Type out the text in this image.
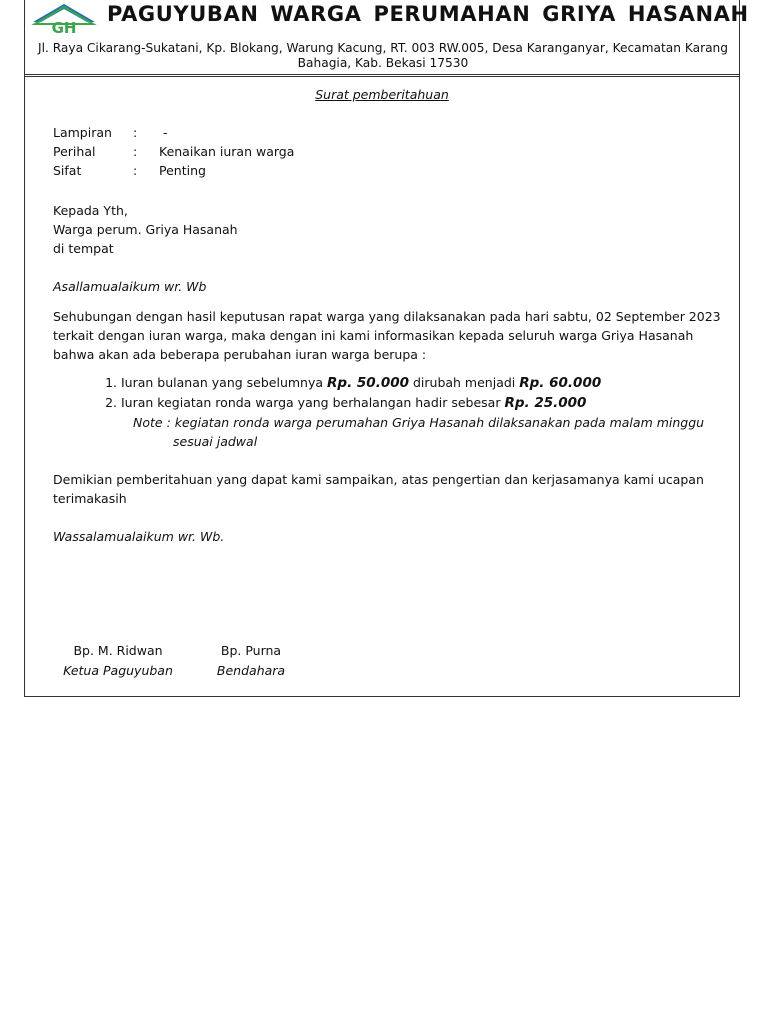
GH
PAGUYUBAN WARGA PERUMAHAN GRIYA HASANAH
Jl. Raya Cikarang-Sukatani, Kp. Blokang, Warung Kacung, RT. 003 RW.005, Desa Karanganyar, Kecamatan Karang
Bahagia, Kab. Bekasi 17530
Surat pemberitahuan
Lampiran	:	-
Perihal	:	Kenaikan iuran warga
Sifat	:	Penting
Kepada Yth,
Warga perum. Griya Hasanah
di tempat
Asallamualaikum wr. Wb
Sehubungan dengan hasil keputusan rapat warga yang dilaksanakan pada hari sabtu, 02 September 2023 terkait dengan iuran warga, maka dengan ini kami informasikan kepada seluruh warga Griya Hasanah bahwa akan ada beberapa perubahan iuran warga berupa :
1. Iuran bulanan yang sebelumnya Rp. 50.000 dirubah menjadi Rp. 60.000
2. Iuran kegiatan ronda warga yang berhalangan hadir sebesar Rp. 25.000
Note : kegiatan ronda warga perumahan Griya Hasanah dilaksanakan pada malam minggu
sesuai jadwal
Demikian pemberitahuan yang dapat kami sampaikan, atas pengertian dan kerjasamanya kami ucapan terimakasih
Wassalamualaikum wr. Wb.
Bp. M. Ridwan
Ketua Paguyuban
Bp. Purna
Bendahara
